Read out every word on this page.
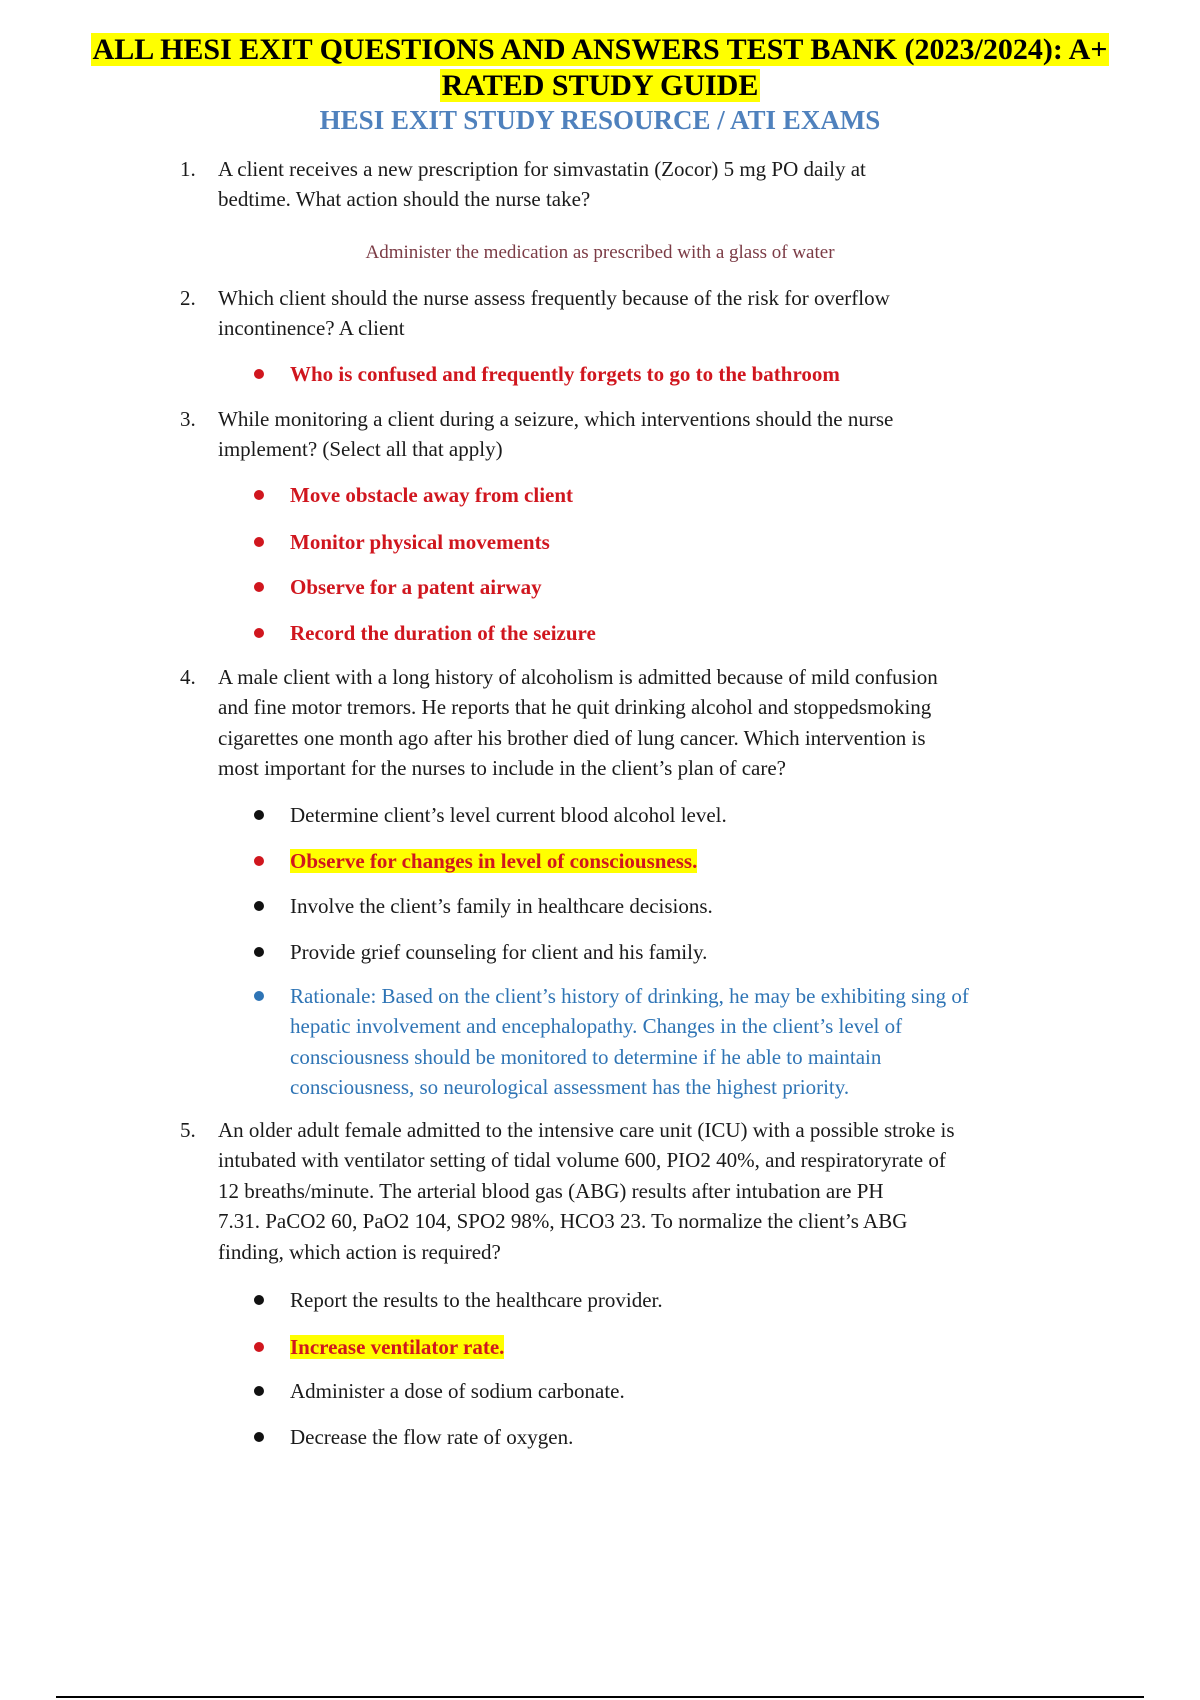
ALL HESI EXIT QUESTIONS AND ANSWERS TEST BANK (2023/2024): A+
RATED STUDY GUIDE
HESI EXIT STUDY RESOURCE / ATI EXAMS
1. A client receives a new prescription for simvastatin (Zocor) 5 mg PO daily at
bedtime. What action should the nurse take?
Administer the medication as prescribed with a glass of water
2. Which client should the nurse assess frequently because of the risk for overflow
incontinence? A client
Who is confused and frequently forgets to go to the bathroom
3. While monitoring a client during a seizure, which interventions should the nurse
implement? (Select all that apply)
Move obstacle away from client
Monitor physical movements
Observe for a patent airway
Record the duration of the seizure
4. A male client with a long history of alcoholism is admitted because of mild confusion
and fine motor tremors. He reports that he quit drinking alcohol and stoppedsmoking
cigarettes one month ago after his brother died of lung cancer. Which intervention is
most important for the nurses to include in the client’s plan of care?
Determine client’s level current blood alcohol level.
Observe for changes in level of consciousness.
Involve the client’s family in healthcare decisions.
Provide grief counseling for client and his family.
Rationale: Based on the client’s history of drinking, he may be exhibiting sing of
hepatic involvement and encephalopathy. Changes in the client’s level of
consciousness should be monitored to determine if he able to maintain
consciousness, so neurological assessment has the highest priority.
5. An older adult female admitted to the intensive care unit (ICU) with a possible stroke is
intubated with ventilator setting of tidal volume 600, PIO2 40%, and respiratoryrate of
12 breaths/minute. The arterial blood gas (ABG) results after intubation are PH
7.31. PaCO2 60, PaO2 104, SPO2 98%, HCO3 23. To normalize the client’s ABG
finding, which action is required?
Report the results to the healthcare provider.
Increase ventilator rate.
Administer a dose of sodium carbonate.
Decrease the flow rate of oxygen.
